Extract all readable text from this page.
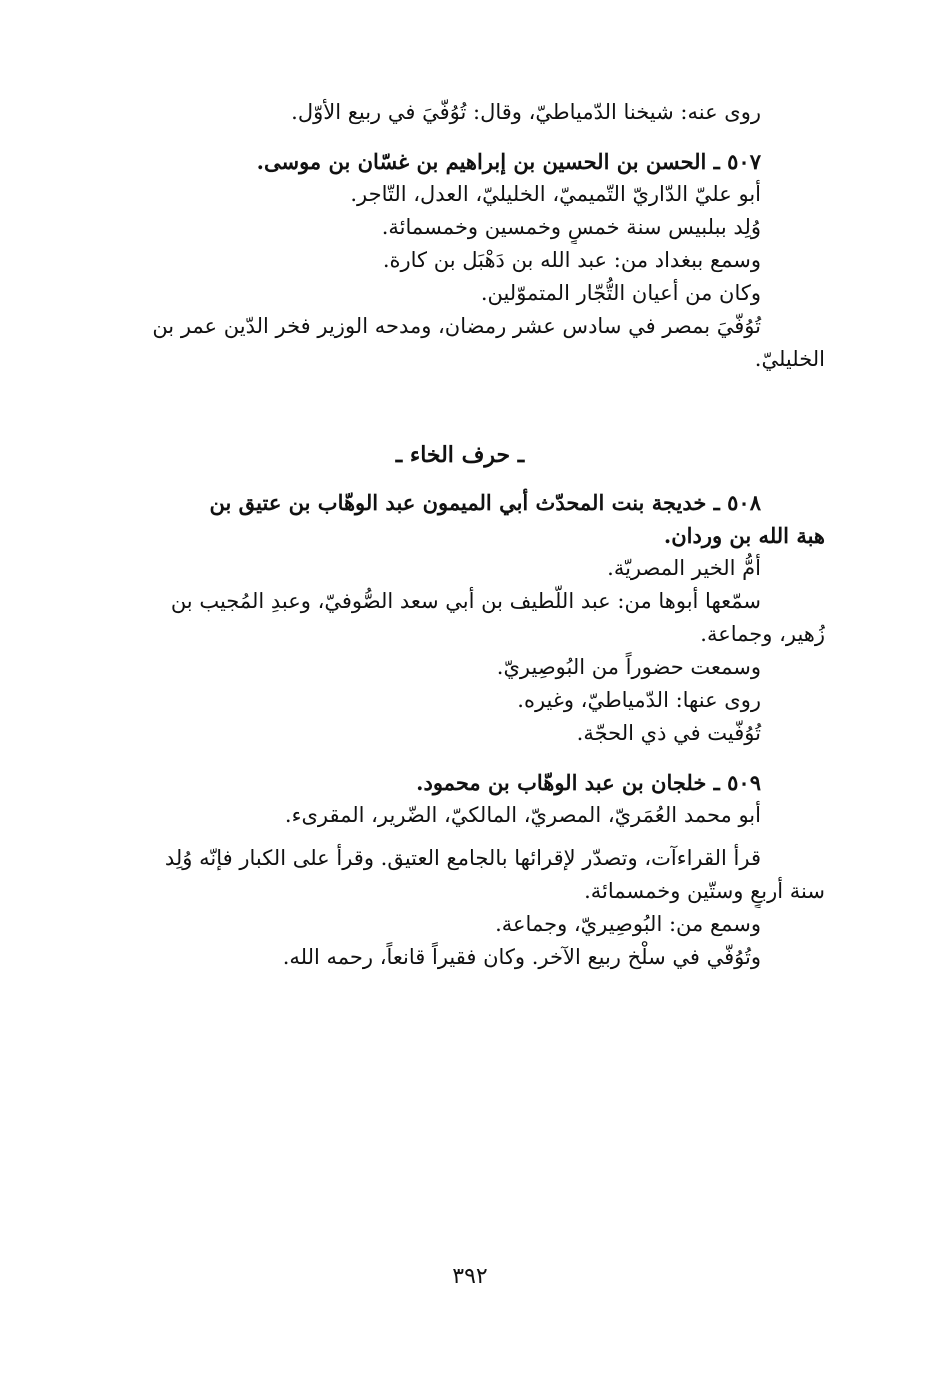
روى عنه: شيخنا الدّمياطيّ، وقال: تُوُفّيَ في ربيع الأوّل.
٥٠٧ ـ الحسن بن الحسين بن إبراهيم بن غسّان بن موسى.
أبو عليّ الدّاريّ التّميميّ، الخليليّ، العدل، التّاجر.
وُلِد ببلبيس سنة خمسٍ وخمسين وخمسمائة.
وسمع ببغداد من: عبد الله بن دَهْبَل بن كارة.
وكان من أعيان التُّجّار المتموّلين.
تُوُفّيَ بمصر في سادس عشر رمضان، ومدحه الوزير فخر الدّين عمر بن
الخليليّ.
ـ حرف الخاء ـ
٥٠٨ ـ خديجة بنت المحدّث أبي الميمون عبد الوهّاب بن عتيق بن
هبة الله بن وردان.
أمُّ الخير المصريّة.
سمّعها أبوها من: عبد اللّطيف بن أبي سعد الصُّوفيّ، وعبدِ المُجيب بن
زُهير، وجماعة.
وسمعت حضوراً من البُوصِيريّ.
روى عنها: الدّمياطيّ، وغيره.
تُوُفّيت في ذي الحجّة.
٥٠٩ ـ خلجان بن عبد الوهّاب بن محمود.
أبو محمد العُمَريّ، المصريّ، المالكيّ، الضّرير، المقرىء.
قرأ القراءآت، وتصدّر لإقرائها بالجامع العتيق. وقرأ على الكبار فإنّه وُلِد
سنة أربعٍ وستّين وخمسمائة.
وسمع من: البُوصِيريّ، وجماعة.
وتُوُفّي في سلْخ ربيع الآخر. وكان فقيراً قانعاً، رحمه الله.
٣٩٢
